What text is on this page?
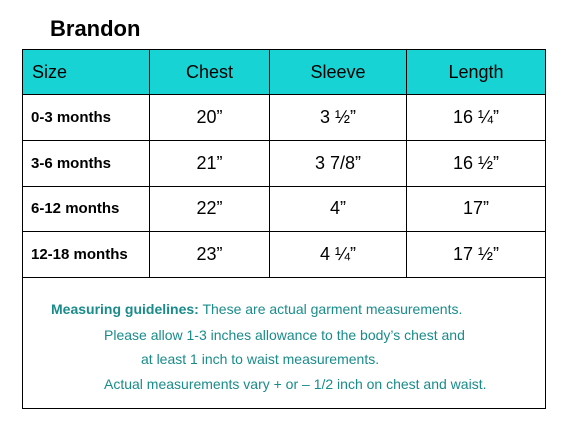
Brandon
Size	Chest	Sleeve	Length
0-3 months	20”	3 ½”	16 ¼”
3-6 months	21”	3 7/8”	16 ½”
6-12 months	22”	4”	17”
12-18 months	23”	4 ¼”	17 ½”

Measuring guidelines: These are actual garment measurements.
Please allow 1-3 inches allowance to the body’s chest and
at least 1 inch to waist measurements.
Actual measurements vary + or – 1/2 inch on chest and waist.			
